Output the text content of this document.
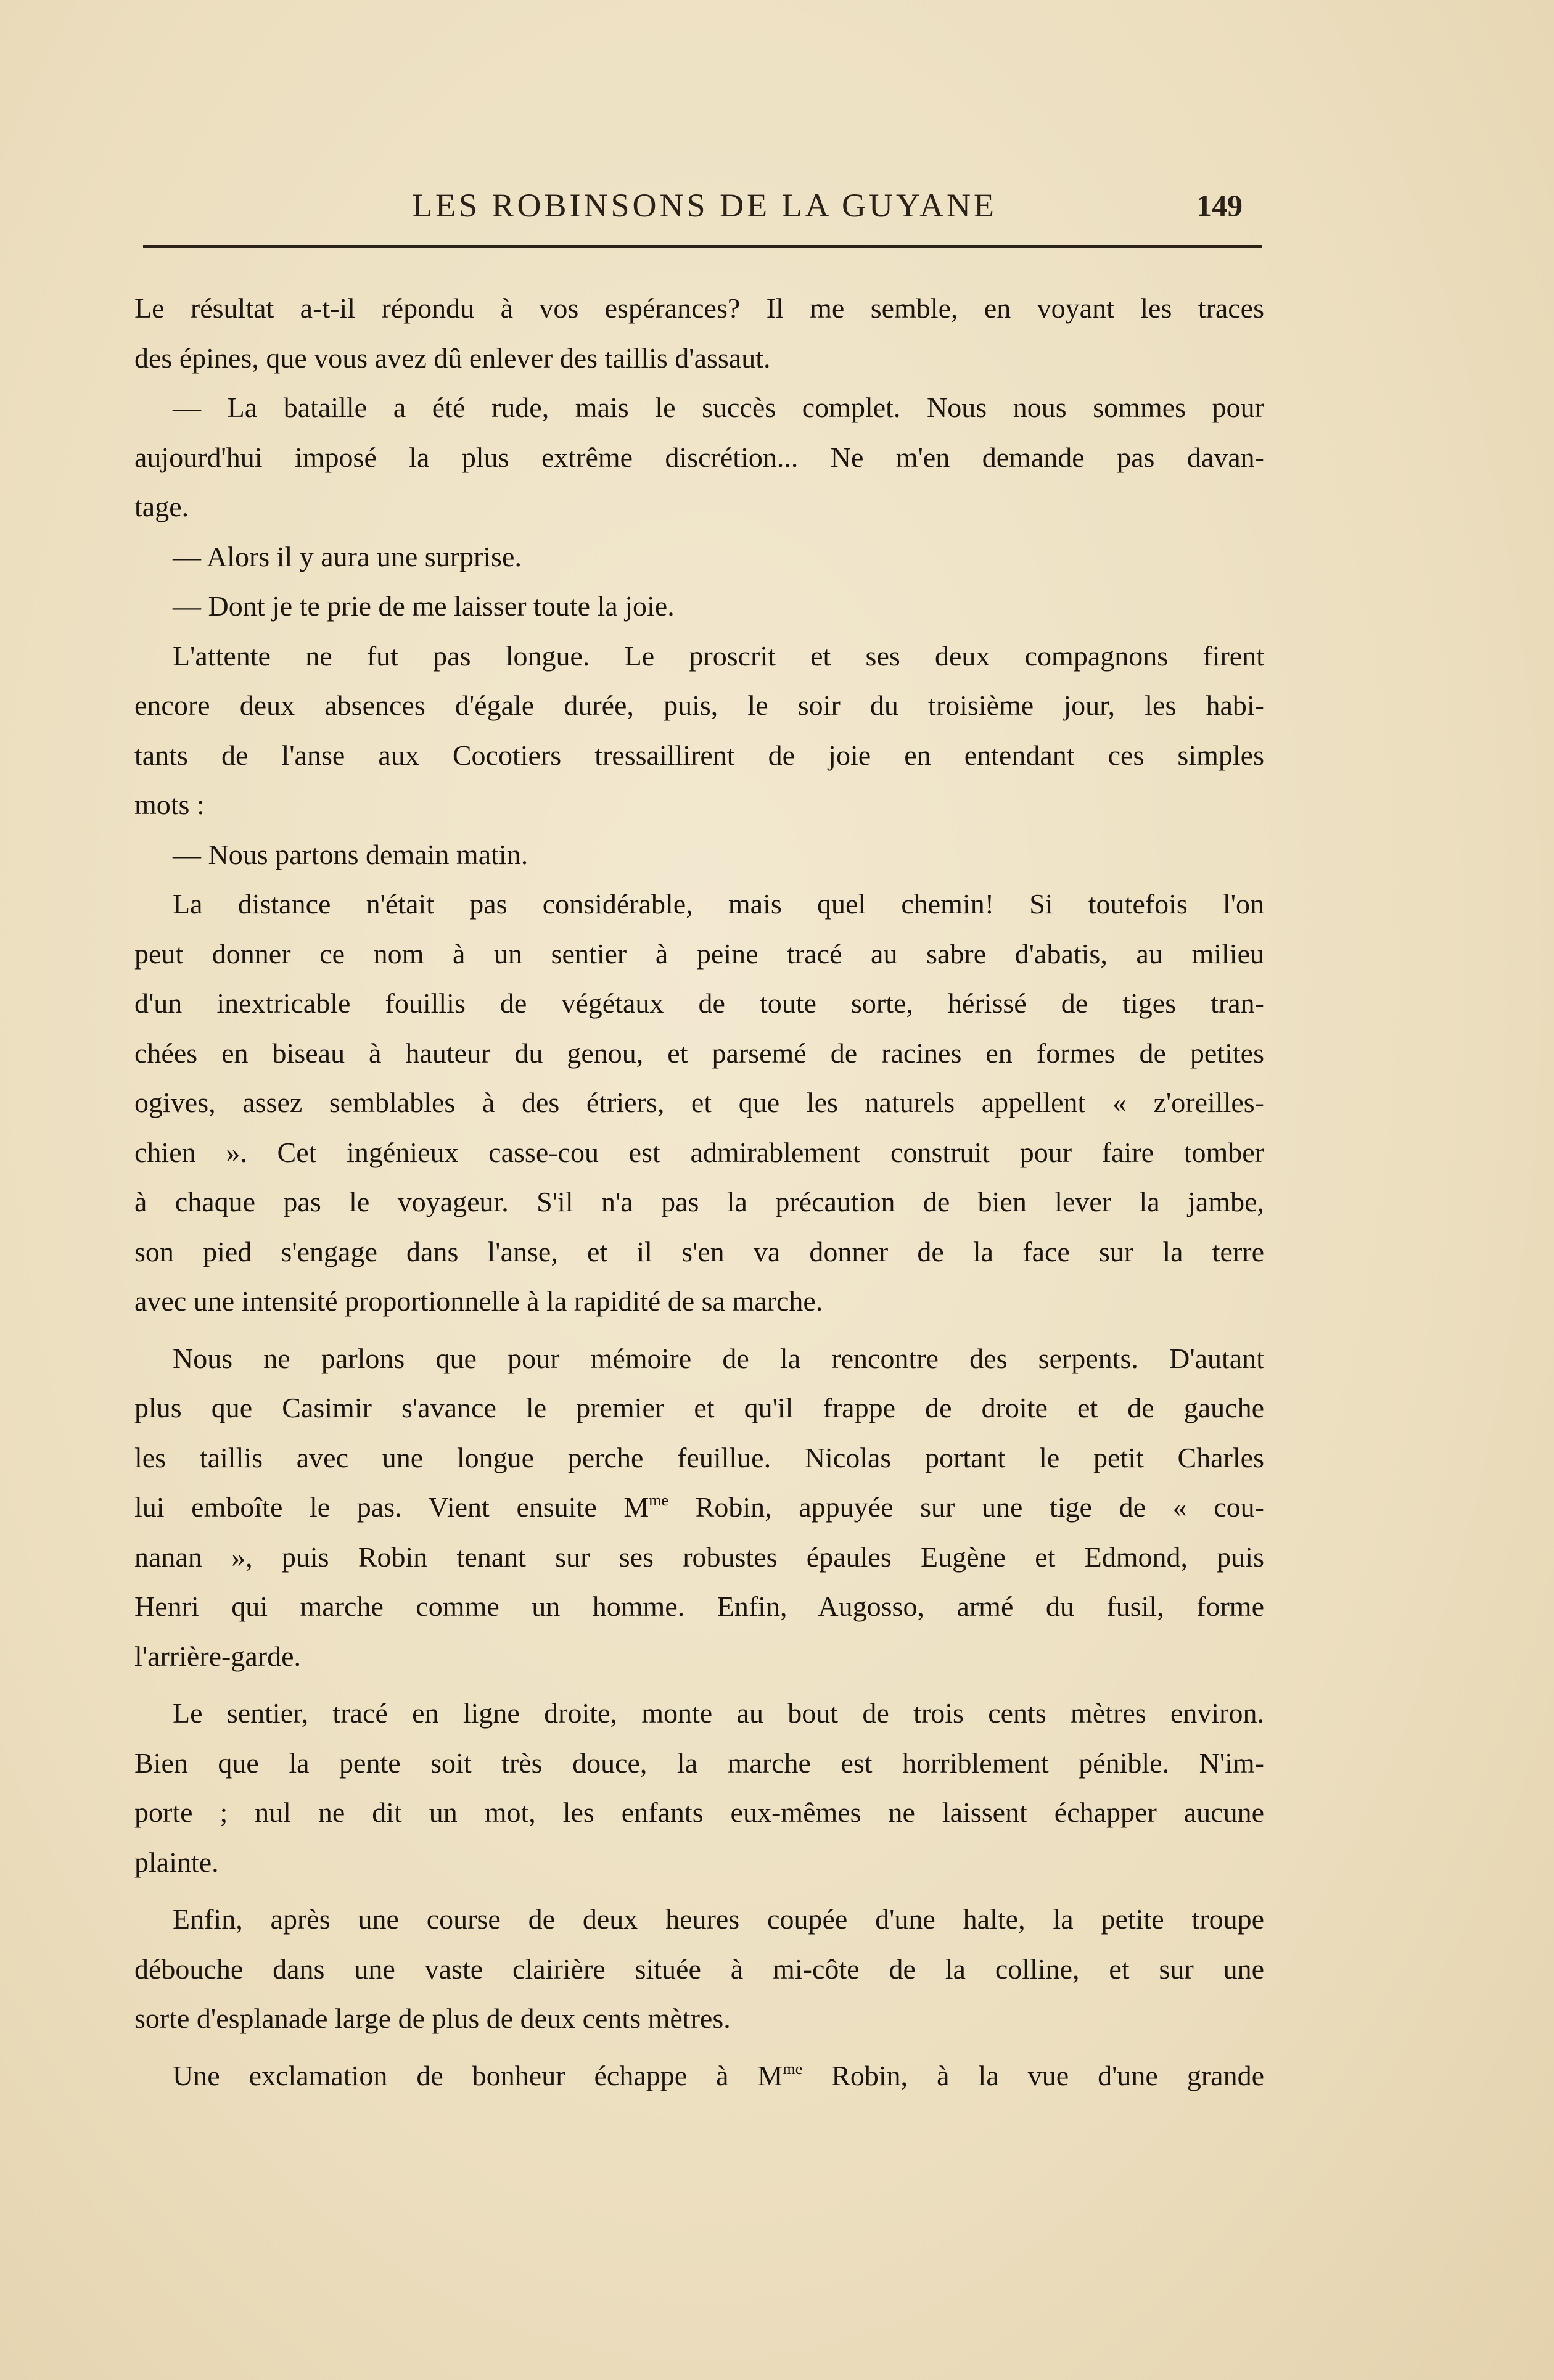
LES ROBINSONS DE LA GUYANE	149
Le résultat a-t-il répondu à vos espérances? Il me semble, en voyant les traces
des épines, que vous avez dû enlever des taillis d'assaut.
— La bataille a été rude, mais le succès complet. Nous nous sommes pour
aujourd'hui imposé la plus extrême discrétion... Ne m'en demande pas davan-
tage.
— Alors il y aura une surprise.
— Dont je te prie de me laisser toute la joie.
L'attente ne fut pas longue. Le proscrit et ses deux compagnons firent
encore deux absences d'égale durée, puis, le soir du troisième jour, les habi-
tants de l'anse aux Cocotiers tressaillirent de joie en entendant ces simples
mots :
— Nous partons demain matin.
La distance n'était pas considérable, mais quel chemin! Si toutefois l'on
peut donner ce nom à un sentier à peine tracé au sabre d'abatis, au milieu
d'un inextricable fouillis de végétaux de toute sorte, hérissé de tiges tran-
chées en biseau à hauteur du genou, et parsemé de racines en formes de petites
ogives, assez semblables à des étriers, et que les naturels appellent « z'oreilles-
chien ». Cet ingénieux casse-cou est admirablement construit pour faire tomber
à chaque pas le voyageur. S'il n'a pas la précaution de bien lever la jambe,
son pied s'engage dans l'anse, et il s'en va donner de la face sur la terre
avec une intensité proportionnelle à la rapidité de sa marche.
Nous ne parlons que pour mémoire de la rencontre des serpents. D'autant
plus que Casimir s'avance le premier et qu'il frappe de droite et de gauche
les taillis avec une longue perche feuillue. Nicolas portant le petit Charles
lui emboîte le pas. Vient ensuite $M^{me}$ Robin, appuyée sur une tige de « cou-
nanan », puis Robin tenant sur ses robustes épaules Eugène et Edmond, puis
Henri qui marche comme un homme. Enfin, Augosso, armé du fusil, forme
l'arrière-garde.
Le sentier, tracé en ligne droite, monte au bout de trois cents mètres environ.
Bien que la pente soit très douce, la marche est horriblement pénible. N'im-
porte ; nul ne dit un mot, les enfants eux-mêmes ne laissent échapper aucune
plainte.
Enfin, après une course de deux heures coupée d'une halte, la petite troupe
débouche dans une vaste clairière située à mi-côte de la colline, et sur une
sorte d'esplanade large de plus de deux cents mètres.
Une exclamation de bonheur échappe à $M^{me}$ Robin, à la vue d'une grande
